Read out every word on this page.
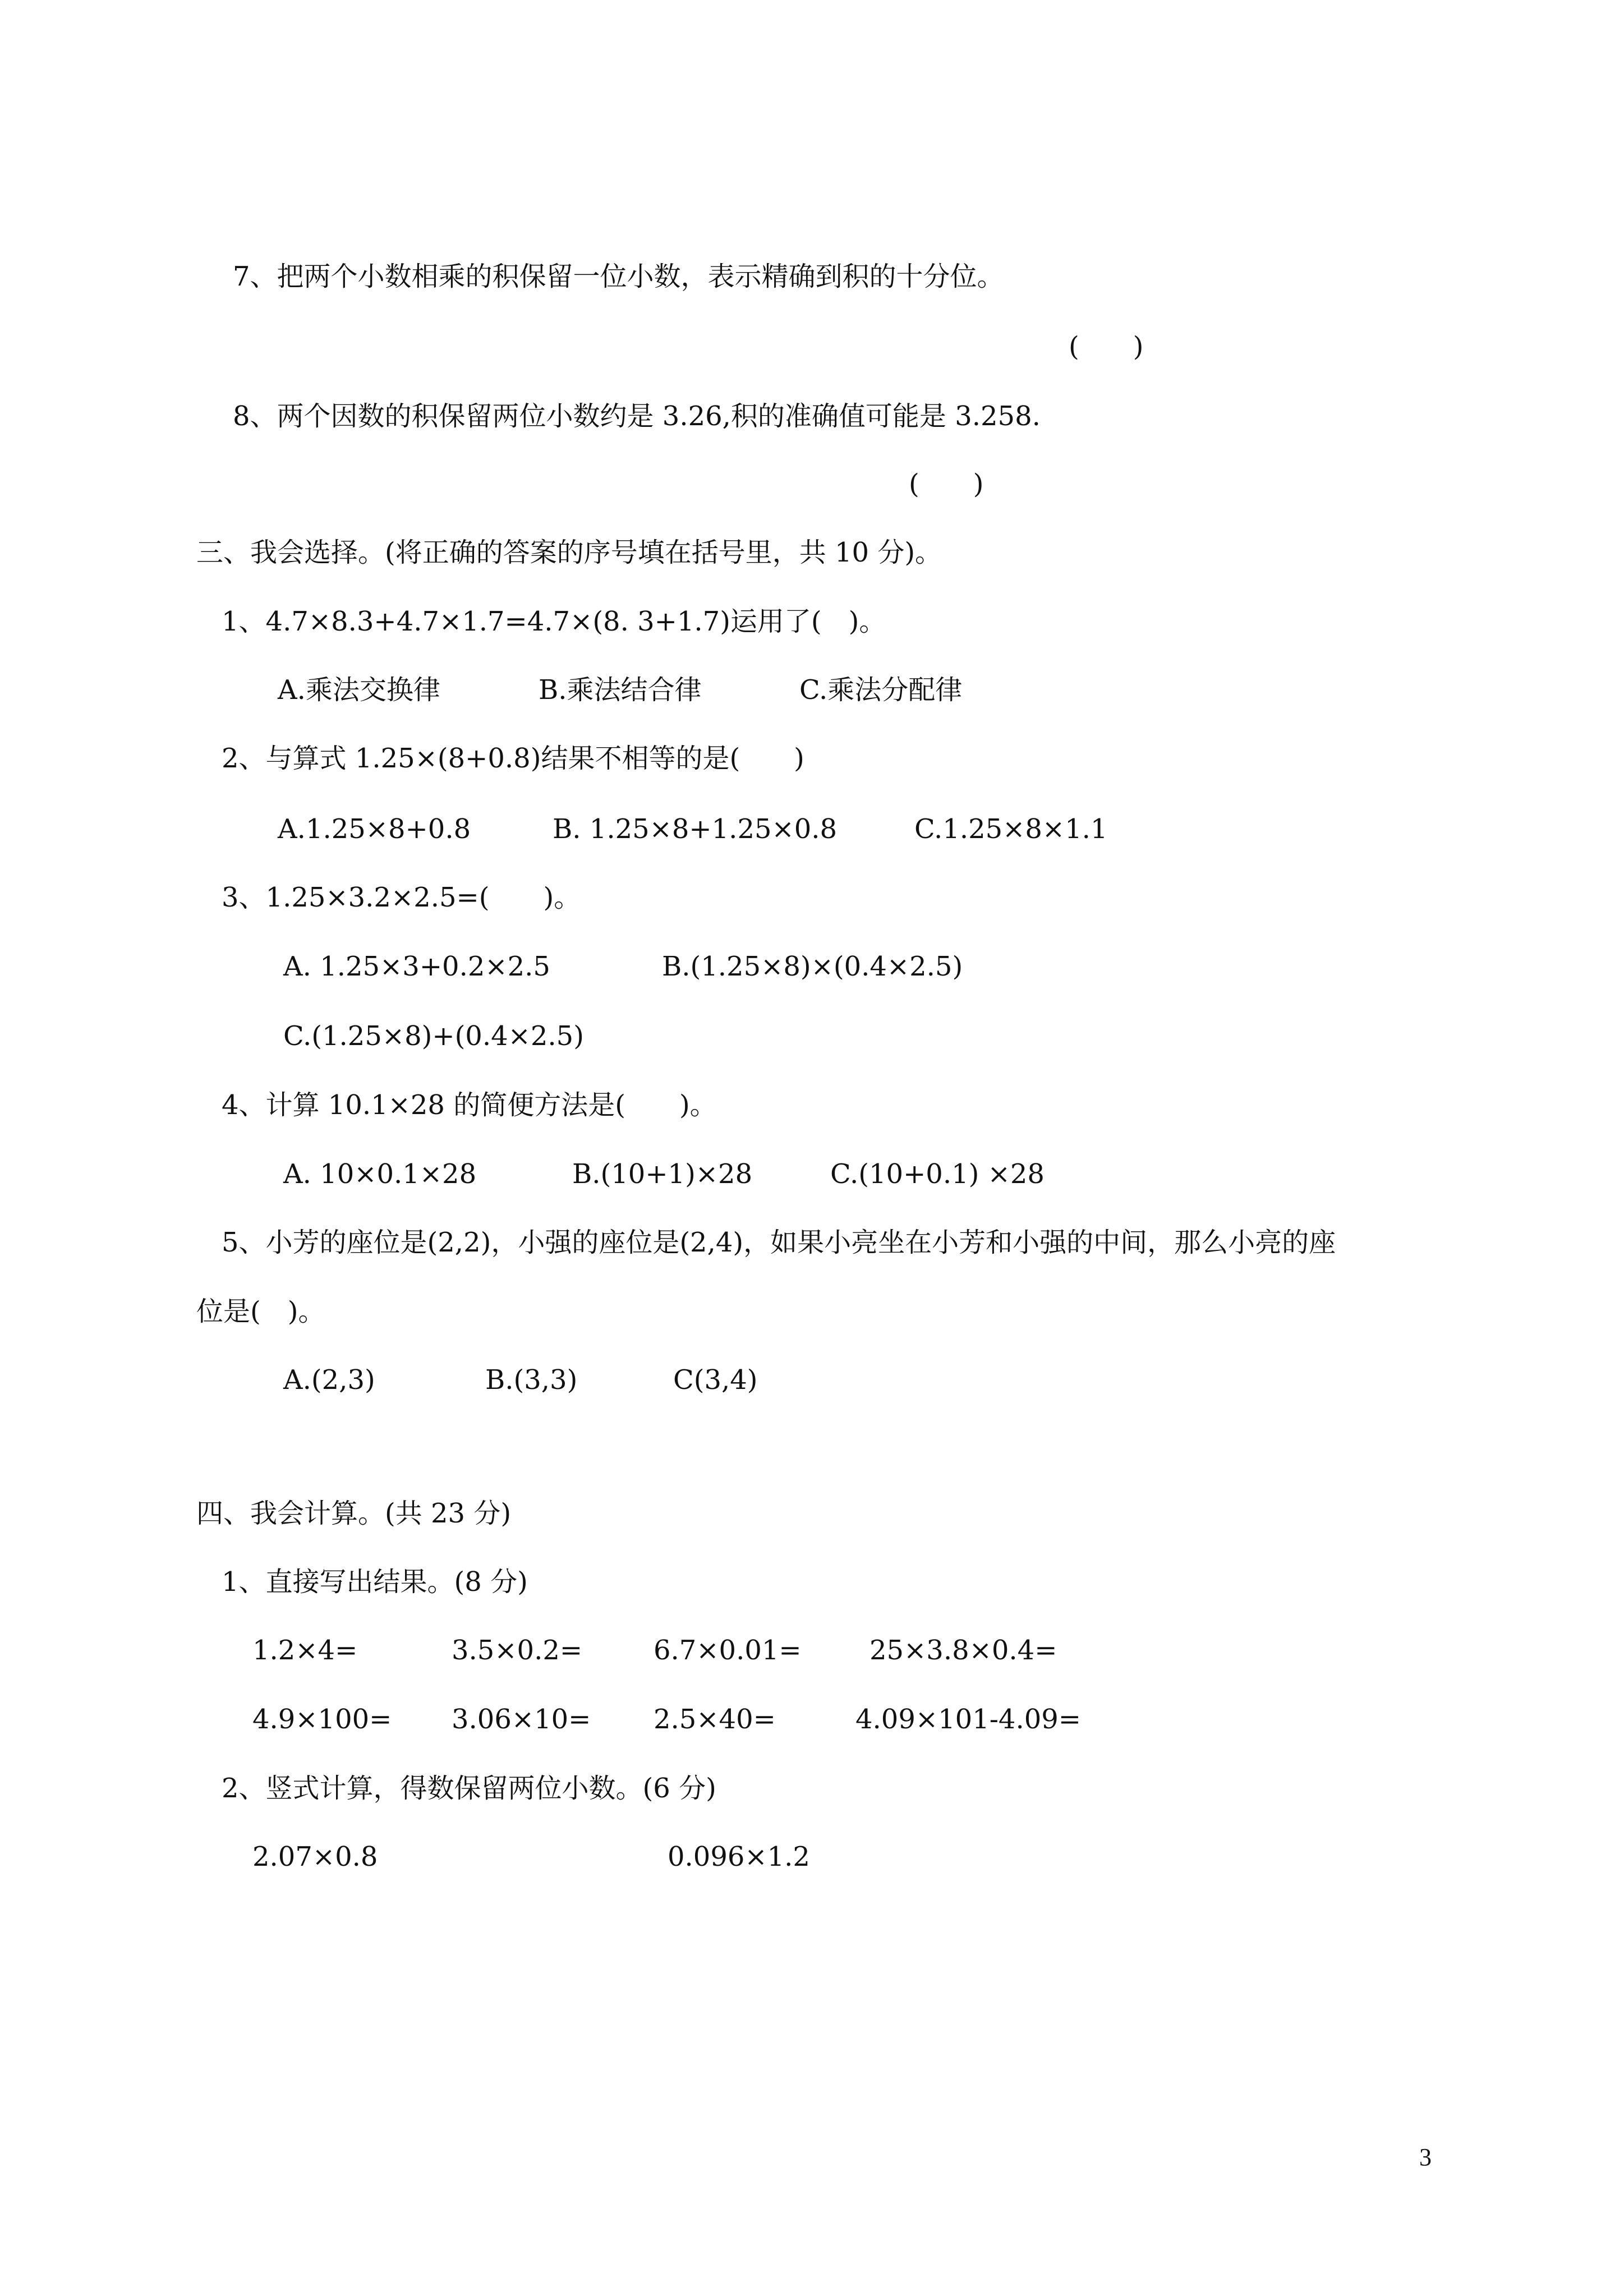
7、把两个小数相乘的积保留一位小数，表示精确到积的十分位。
(　　)
8、两个因数的积保留两位小数约是 3.26,积的准确值可能是 3.258.
(　　)
三、我会选择。(将正确的答案的序号填在括号里，共 10 分)。
1、4.7×8.3+4.7×1.7=4.7×(8. 3+1.7)运用了(　)。
A.乘法交换律	B.乘法结合律	C.乘法分配律
2、与算式 1.25×(8+0.8)结果不相等的是(　　)
A.1.25×8+0.8	B. 1.25×8+1.25×0.8	C.1.25×8×1.1
3、1.25×3.2×2.5=(　　)。
A. 1.25×3+0.2×2.5	B.(1.25×8)×(0.4×2.5)
C.(1.25×8)+(0.4×2.5)
4、计算 10.1×28 的简便方法是(　　)。
A. 10×0.1×28	B.(10+1)×28	C.(10+0.1) ×28
5、小芳的座位是(2,2)，小强的座位是(2,4)，如果小亮坐在小芳和小强的中间，那么小亮的座
位是(　)。
A.(2,3)	B.(3,3)	C(3,4)
四、我会计算。(共 23 分)
1、直接写出结果。(8 分)
1.2×4=	3.5×0.2=	6.7×0.01=	25×3.8×0.4=
4.9×100= 3.06×10= 2.5×40=	4.09×101-4.09=
2、竖式计算，得数保留两位小数。(6 分)
2.07×0.8	0.096×1.2
3
